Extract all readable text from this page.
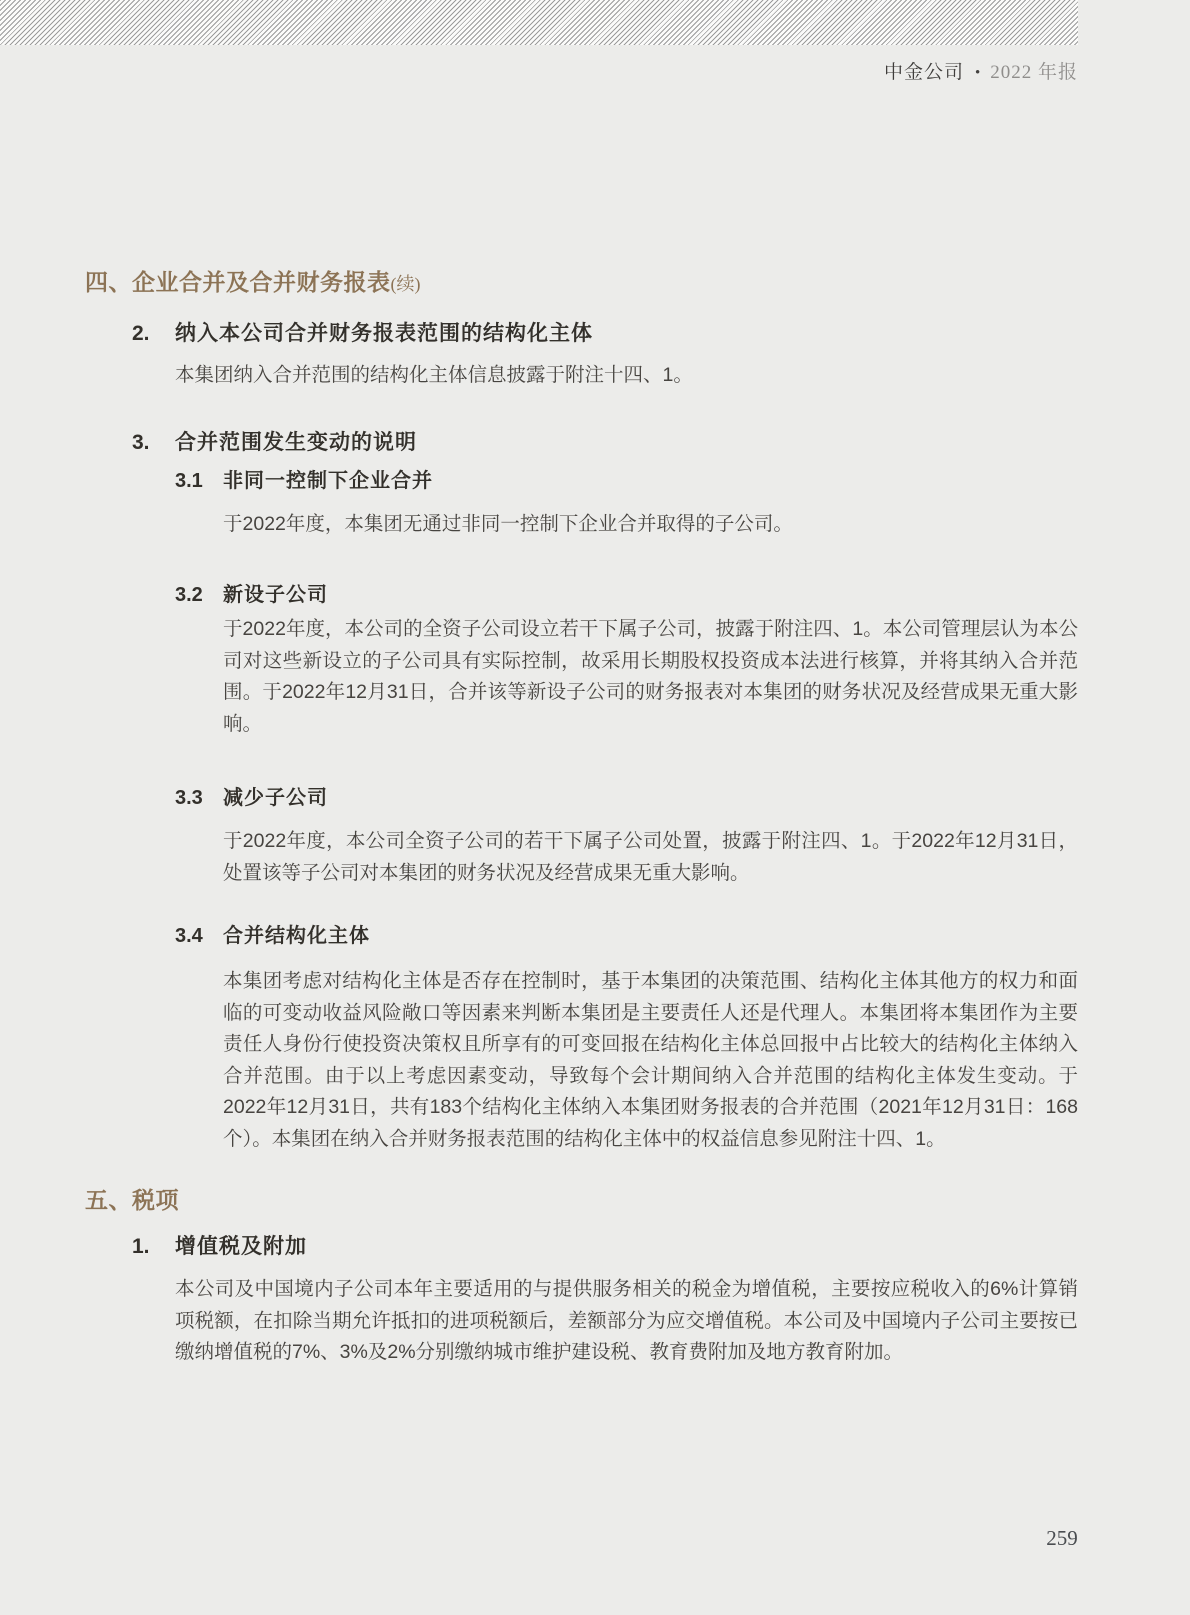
中金公司 • 2022 年报
四、企业合并及合并财务报表(续)
2.	纳入本公司合并财务报表范围的结构化主体
本集团纳入合并范围的结构化主体信息披露于附注十四、1。
3.	合并范围发生变动的说明
3.1	非同一控制下企业合并
于2022年度，本集团无通过非同一控制下企业合并取得的子公司。
3.2	新设子公司
于2022年度，本公司的全资子公司设立若干下属子公司，披露于附注四、1。本公司管理层认为本公司对这些新设立的子公司具有实际控制，故采用长期股权投资成本法进行核算，并将其纳入合并范围。于2022年12月31日，合并该等新设子公司的财务报表对本集团的财务状况及经营成果无重大影响。
3.3	减少子公司
于2022年度，本公司全资子公司的若干下属子公司处置，披露于附注四、1。于2022年12月31日，处置该等子公司对本集团的财务状况及经营成果无重大影响。
3.4	合并结构化主体
本集团考虑对结构化主体是否存在控制时，基于本集团的决策范围、结构化主体其他方的权力和面临的可变动收益风险敞口等因素来判断本集团是主要责任人还是代理人。本集团将本集团作为主要责任人身份行使投资决策权且所享有的可变回报在结构化主体总回报中占比较大的结构化主体纳入合并范围。由于以上考虑因素变动，导致每个会计期间纳入合并范围的结构化主体发生变动。于2022年12月31日，共有183个结构化主体纳入本集团财务报表的合并范围（2021年12月31日：168个）。本集团在纳入合并财务报表范围的结构化主体中的权益信息参见附注十四、1。
五、税项
1.	增值税及附加
本公司及中国境内子公司本年主要适用的与提供服务相关的税金为增值税，主要按应税收入的6%计算销项税额，在扣除当期允许抵扣的进项税额后，差额部分为应交增值税。本公司及中国境内子公司主要按已缴纳增值税的7%、3%及2%分别缴纳城市维护建设税、教育费附加及地方教育附加。
259
